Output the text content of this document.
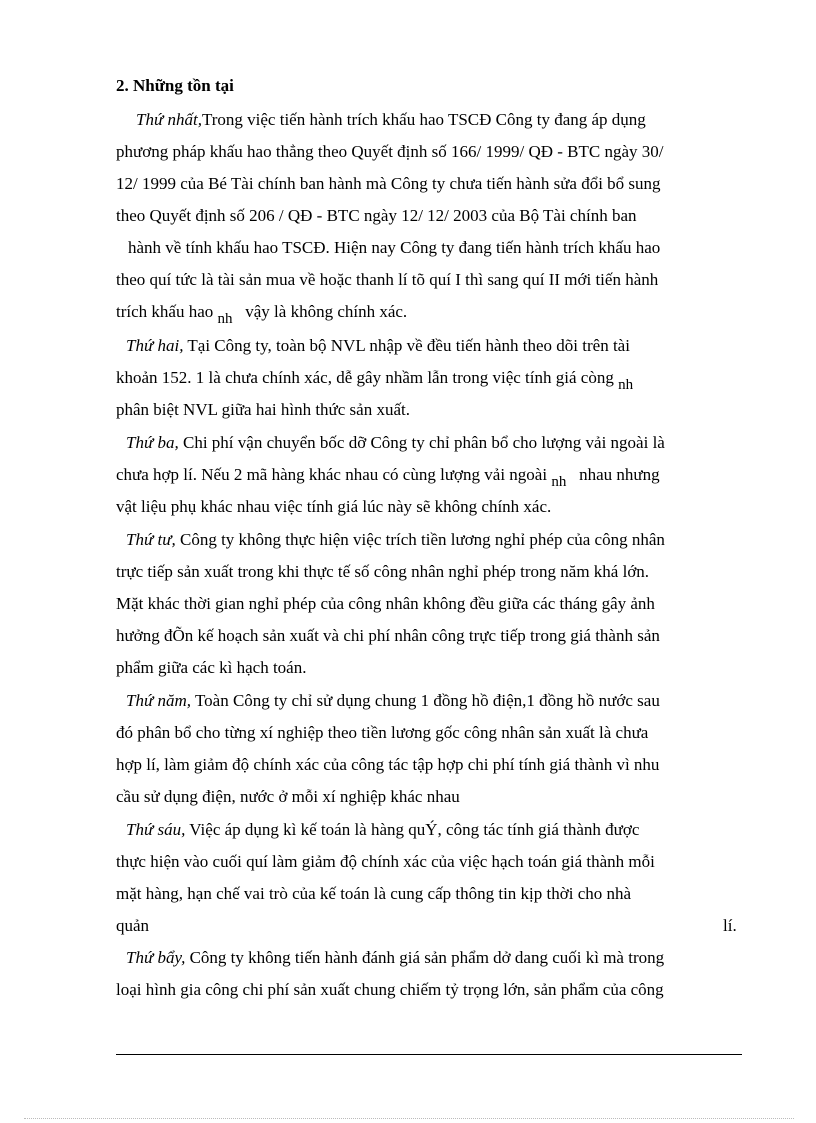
2. Những tồn tại
Thứ nhất,Trong việc tiến hành trích khấu hao TSCĐ Công ty đang áp dụng
phương pháp khấu hao thẳng theo Quyết định số 166/ 1999/ QĐ - BTC ngày 30/
12/ 1999 của Bé Tài chính ban hành mà Công ty chưa tiến hành sửa đổi bổ sung
theo Quyết định số 206 / QĐ - BTC ngày 12/ 12/ 2003 của Bộ Tài chính ban
hành về tính khấu hao TSCĐ. Hiện nay Công ty đang tiến hành trích khấu hao
theo quí tức là tài sản mua về hoặc thanh lí tõ quí I thì sang quí II mới tiến hành
trích khấu hao nh vậy là không chính xác.
Thứ hai, Tại Công ty, toàn bộ NVL nhập về đều tiến hành theo dõi trên tài
khoản 152. 1 là chưa chính xác, dễ gây nhầm lẫn trong việc tính giá còng nh
phân biệt NVL giữa hai hình thức sản xuất.
Thứ ba, Chi phí vận chuyển bốc dỡ Công ty chỉ phân bổ cho lượng vải ngoài là
chưa hợp lí. Nếu 2 mã hàng khác nhau có cùng lượng vải ngoài nh nhau nhưng
vật liệu phụ khác nhau việc tính giá lúc này sẽ không chính xác.
Thứ tư, Công ty không thực hiện việc trích tiền lương nghỉ phép của công nhân
trực tiếp sản xuất trong khi thực tế số công nhân nghỉ phép trong năm khá lớn.
Mặt khác thời gian nghỉ phép của công nhân không đều giữa các tháng gây ảnh
hưởng đÕn kế hoạch sản xuất và chi phí nhân công trực tiếp trong giá thành sản
phẩm giữa các kì hạch toán.
Thứ năm, Toàn Công ty chỉ sử dụng chung 1 đồng hồ điện,1 đồng hồ nước sau
đó phân bổ cho từng xí nghiệp theo tiền lương gốc công nhân sản xuất là chưa
hợp lí, làm giảm độ chính xác của công tác tập hợp chi phí tính giá thành vì nhu
cầu sử dụng điện, nước ở mỗi xí nghiệp khác nhau
Thứ sáu, Việc áp dụng kì kế toán là hàng quÝ, công tác tính giá thành được
thực hiện vào cuối quí làm giảm độ chính xác của việc hạch toán giá thành mỗi
mặt hàng, hạn chế vai trò của kế toán là cung cấp thông tin kịp thời cho nhà
quản	lí.
Thứ bẩy, Công ty không tiến hành đánh giá sản phẩm dở dang cuối kì mà trong
loại hình gia công chi phí sản xuất chung chiếm tỷ trọng lớn, sản phẩm của công
